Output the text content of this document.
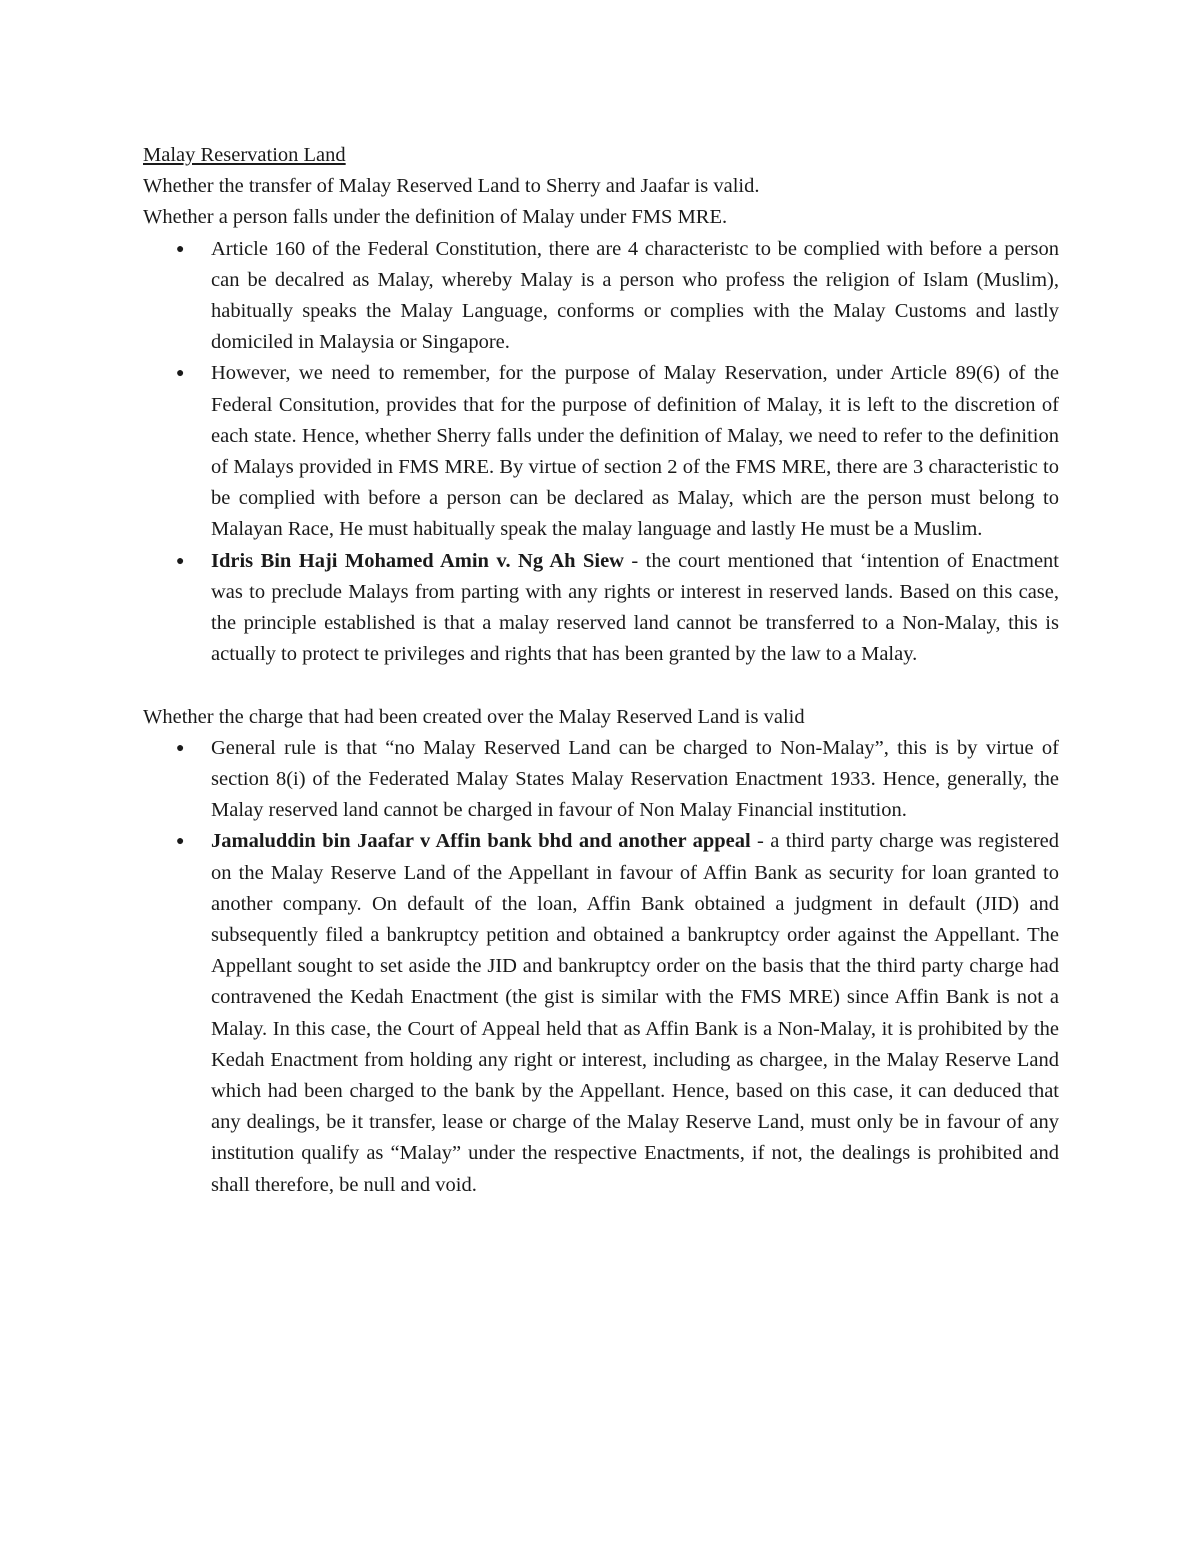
Malay Reservation Land

Whether the transfer of Malay Reserved Land to Sherry and Jaafar is valid.

Whether a person falls under the definition of Malay under FMS MRE.

● Article 160 of the Federal Constitution, there are 4 characteristc to be complied with before a person can be decalred as Malay, whereby Malay is a person who profess the religion of Islam (Muslim), habitually speaks the Malay Language, conforms or complies with the Malay Customs and lastly domiciled in Malaysia or Singapore.
● However, we need to remember, for the purpose of Malay Reservation, under Article 89(6) of the Federal Consitution, provides that for the purpose of definition of Malay, it is left to the discretion of each state. Hence, whether Sherry falls under the definition of Malay, we need to refer to the definition of Malays provided in FMS MRE. By virtue of section 2 of the FMS MRE, there are 3 characteristic to be complied with before a person can be declared as Malay, which are the person must belong to Malayan Race, He must habitually speak the malay language and lastly He must be a Muslim.
● Idris Bin Haji Mohamed Amin v. Ng Ah Siew - the court mentioned that ‘intention of Enactment was to preclude Malays from parting with any rights or interest in reserved lands. Based on this case, the principle established is that a malay reserved land cannot be transferred to a Non-Malay, this is actually to protect te privileges and rights that has been granted by the law to a Malay.

Whether the charge that had been created over the Malay Reserved Land is valid

● General rule is that “no Malay Reserved Land can be charged to Non-Malay”, this is by virtue of section 8(i) of the Federated Malay States Malay Reservation Enactment 1933. Hence, generally, the Malay reserved land cannot be charged in favour of Non Malay Financial institution.
● Jamaluddin bin Jaafar v Affin bank bhd and another appeal - a third party charge was registered on the Malay Reserve Land of the Appellant in favour of Affin Bank as security for loan granted to another company. On default of the loan, Affin Bank obtained a judgment in default (JID) and subsequently filed a bankruptcy petition and obtained a bankruptcy order against the Appellant. The Appellant sought to set aside the JID and bankruptcy order on the basis that the third party charge had contravened the Kedah Enactment (the gist is similar with the FMS MRE) since Affin Bank is not a Malay. In this case, the Court of Appeal held that as Affin Bank is a Non-Malay, it is prohibited by the Kedah Enactment from holding any right or interest, including as chargee, in the Malay Reserve Land which had been charged to the bank by the Appellant. Hence, based on this case, it can deduced that any dealings, be it transfer, lease or charge of the Malay Reserve Land, must only be in favour of any institution qualify as “Malay” under the respective Enactments, if not, the dealings is prohibited and shall therefore, be null and void.
